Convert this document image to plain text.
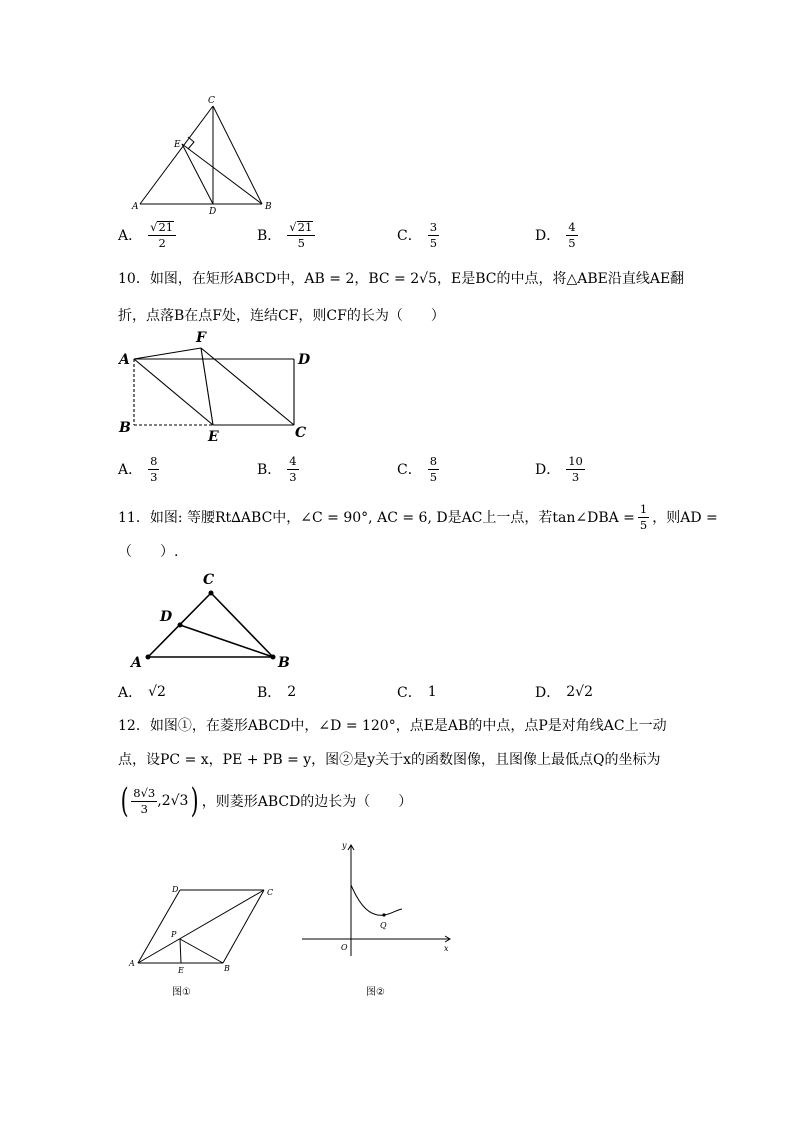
C
E
A	D	B
A． $\frac{√21}{2}$	B． $\frac{√21}{5}$	C． $\frac{3}{5}$	D． $\frac{4}{5}$
10．如图，在矩形ABCD中，AB = 2，BC = 2√5，E是BC的中点，将△ABE沿直线AE翻
折，点落B在点F处，连结CF，则CF的长为（　　）
A
F
D
B
E	C
A． $\frac{8}{3}$	B． $\frac{4}{3}$	C． $\frac{8}{5}$	D． $\frac{10}{3}$
11．如图: 等腰Rt∆ABC中，∠C = 90°, AC = 6, D是AC上一点，若tan∠DBA = $\frac{1}{5}$ ，则AD =
（　　）.
C
D
A	B
A． √2	B． 2	C． 1	D． 2√2
12．如图①，在菱形ABCD中，∠D = 120°，点E是AB的中点，点P是对角线AC上一动
点，设PC = x，PE + PB = y，图②是y关于x的函数图像，且图像上最低点Q的坐标为
( $\frac{8√3}{3}$ , 2√3 ) ，则菱形ABCD的边长为（　　）
D	C
P
A
E	B
图①
y
Q
O	x
图②
